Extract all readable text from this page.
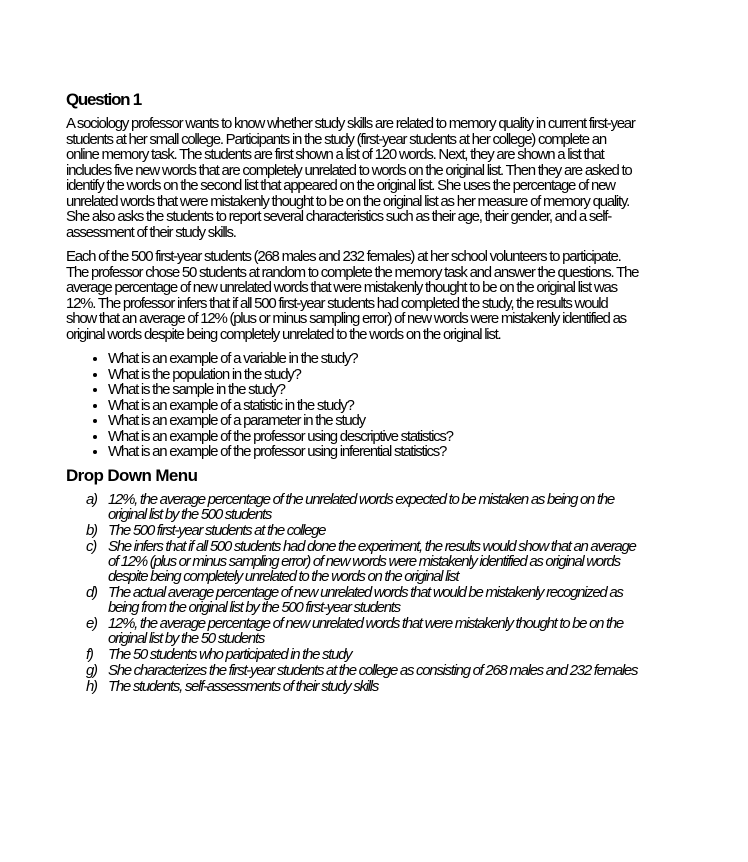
Question 1

A sociology professor wants to know whether study skills are related to memory quality in current first-year students at her small college. Participants in the study (first-year students at her college) complete an online memory task. The students are first shown a list of 120 words. Next, they are shown a list that includes five new words that are completely unrelated to words on the original list. Then they are asked to identify the words on the second list that appeared on the original list. She uses the percentage of new unrelated words that were mistakenly thought to be on the original list as her measure of memory quality. She also asks the students to report several characteristics such as their age, their gender, and a self-assessment of their study skills.

Each of the 500 first-year students (268 males and 232 females) at her school volunteers to participate. The professor chose 50 students at random to complete the memory task and answer the questions. The average percentage of new unrelated words that were mistakenly thought to be on the original list was 12%. The professor infers that if all 500 first-year students had completed the study, the results would show that an average of 12% (plus or minus sampling error) of new words were mistakenly identified as original words despite being completely unrelated to the words on the original list.

• What is an example of a variable in the study?
• What is the population in the study?
• What is the sample in the study?
• What is an example of a statistic in the study?
• What is an example of a parameter in the study
• What is an example of the professor using descriptive statistics?
• What is an example of the professor using inferential statistics?
Drop Down Menu
a) 12%, the average percentage of the unrelated words expected to be mistaken as being on the original list by the 500 students
b) The 500 first-year students at the college
c) She infers that if all 500 students had done the experiment, the results would show that an average of 12% (plus or minus sampling error) of new words were mistakenly identified as original words despite being completely unrelated to the words on the original list
d) The actual average percentage of new unrelated words that would be mistakenly recognized as being from the original list by the 500 first-year students
e) 12%, the average percentage of new unrelated words that were mistakenly thought to be on the original list by the 50 students
f) The 50 students who participated in the study
g) She characterizes the first-year students at the college as consisting of 268 males and 232 females
h) The students, self-assessments of their study skills
